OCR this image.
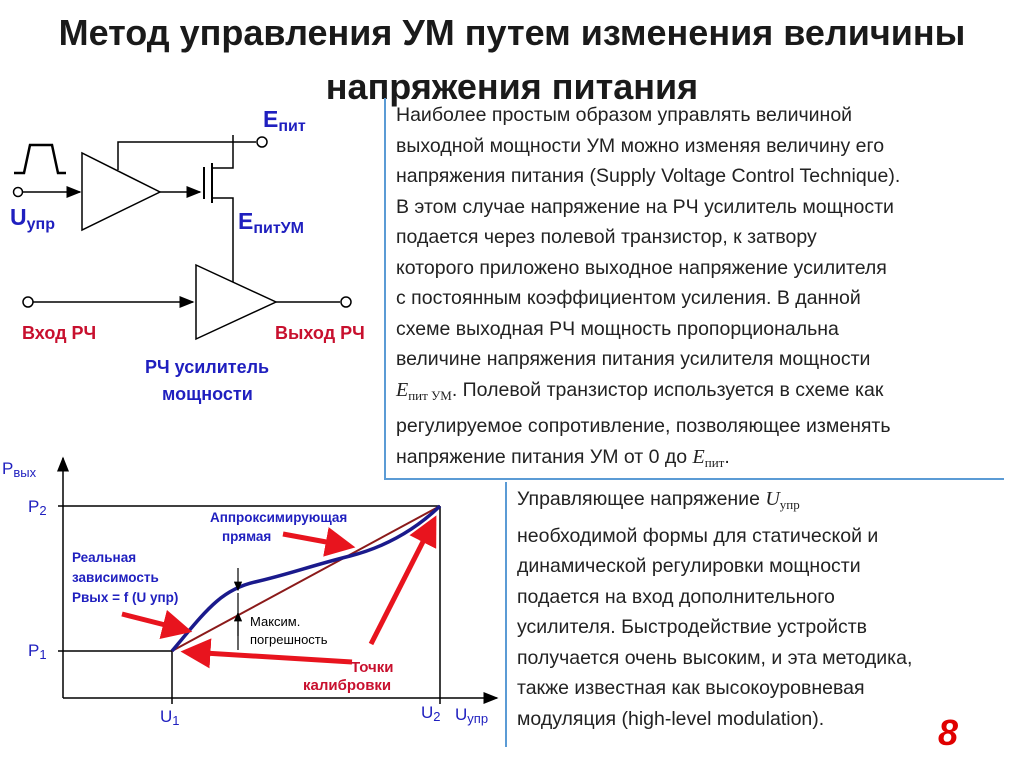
Метод управления УМ путем изменения величины
напряжения питания
Eпит
Uупр	EпитУМ
Вход РЧ	Выход РЧ
РЧ усилитель
мощности
Наиболее простым образом управлять величиной
выходной мощности УМ можно изменяя величину его
напряжения питания (Supply Voltage Control Technique).
В этом случае напряжение на РЧ усилитель мощности
подается через полевой транзистор, к затвору
которого приложено выходное напряжение усилителя
с постоянным коэффициентом усиления. В данной
схеме выходная РЧ мощность пропорциональна
величине напряжения питания усилителя мощности
$E_{пит УМ}$. Полевой транзистор используется в схеме как
регулируемое сопротивление, позволяющее изменять
напряжение питания УМ от 0 до $E_{пит}$.
Управляющее напряжение $U_{упр}$
необходимой формы для статической и
динамической регулировки мощности
подается на вход дополнительного
усилителя. Быстродействие устройств
получается очень высоким, и эта методика,
также известная как высокоуровневая
модуляция (high-level modulation).
Pвых
P2
P1
U1	U2 Uупр
Аппроксимирующая
прямая
Реальная
зависимость
Pвых = f (U упр)
Максим.
погрешность
Точки
калибровки
8
